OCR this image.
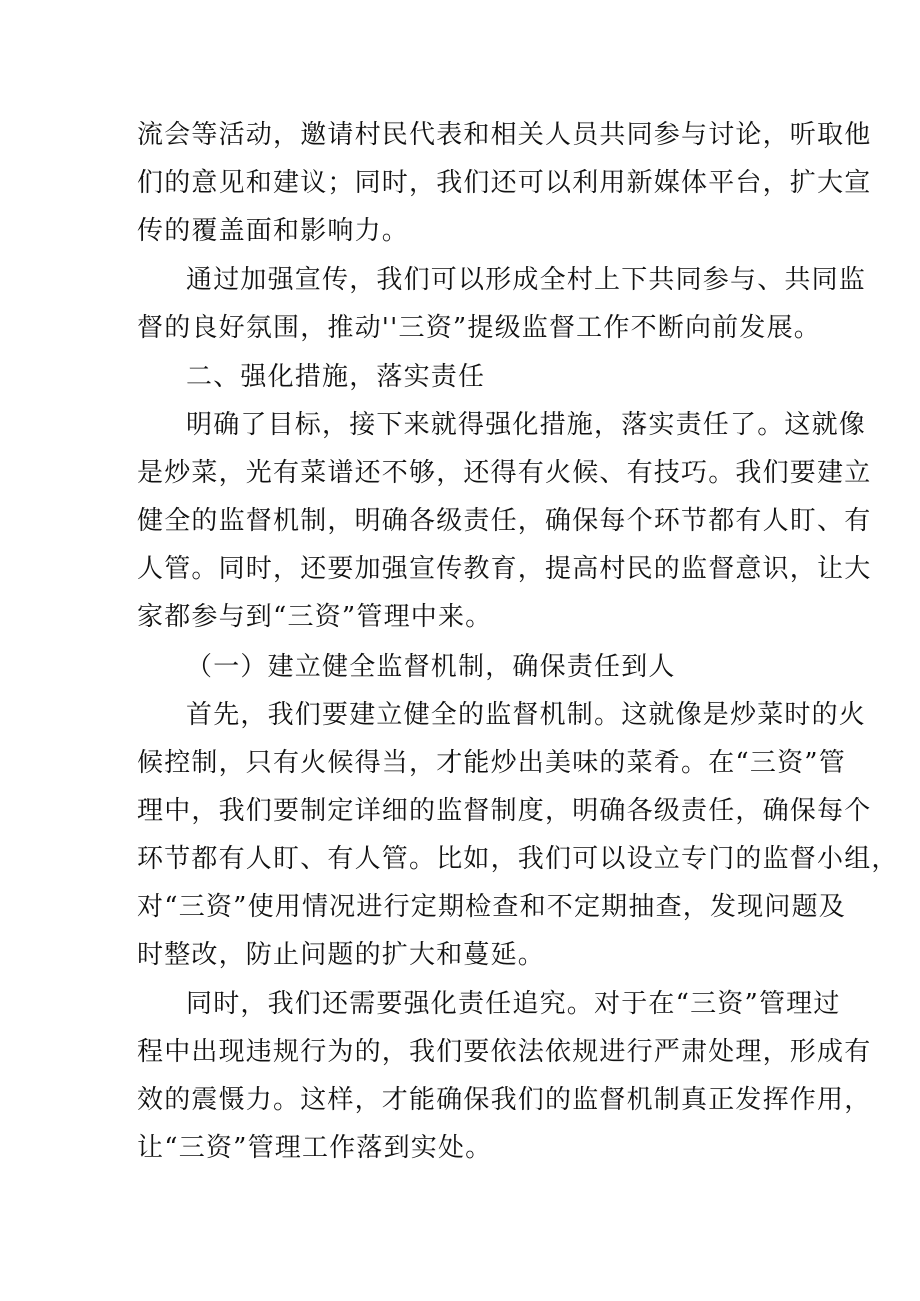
流会等活动，邀请村民代表和相关人员共同参与讨论，听取他
们的意见和建议；同时，我们还可以利用新媒体平台，扩大宣
传的覆盖面和影响力。
通过加强宣传，我们可以形成全村上下共同参与、共同监
督的良好氛围，推动''三资”提级监督工作不断向前发展。
二、强化措施，落实责任
明确了目标，接下来就得强化措施，落实责任了。这就像
是炒菜，光有菜谱还不够，还得有火候、有技巧。我们要建立
健全的监督机制，明确各级责任，确保每个环节都有人盯、有
人管。同时，还要加强宣传教育，提高村民的监督意识，让大
家都参与到“三资”管理中来。
（一）建立健全监督机制，确保责任到人
首先，我们要建立健全的监督机制。这就像是炒菜时的火
候控制，只有火候得当，才能炒出美味的菜肴。在“三资”管
理中，我们要制定详细的监督制度，明确各级责任，确保每个
环节都有人盯、有人管。比如，我们可以设立专门的监督小组，
对“三资”使用情况进行定期检查和不定期抽查，发现问题及
时整改，防止问题的扩大和蔓延。
同时，我们还需要强化责任追究。对于在“三资”管理过
程中出现违规行为的，我们要依法依规进行严肃处理，形成有
效的震慑力。这样，才能确保我们的监督机制真正发挥作用，
让“三资”管理工作落到实处。
